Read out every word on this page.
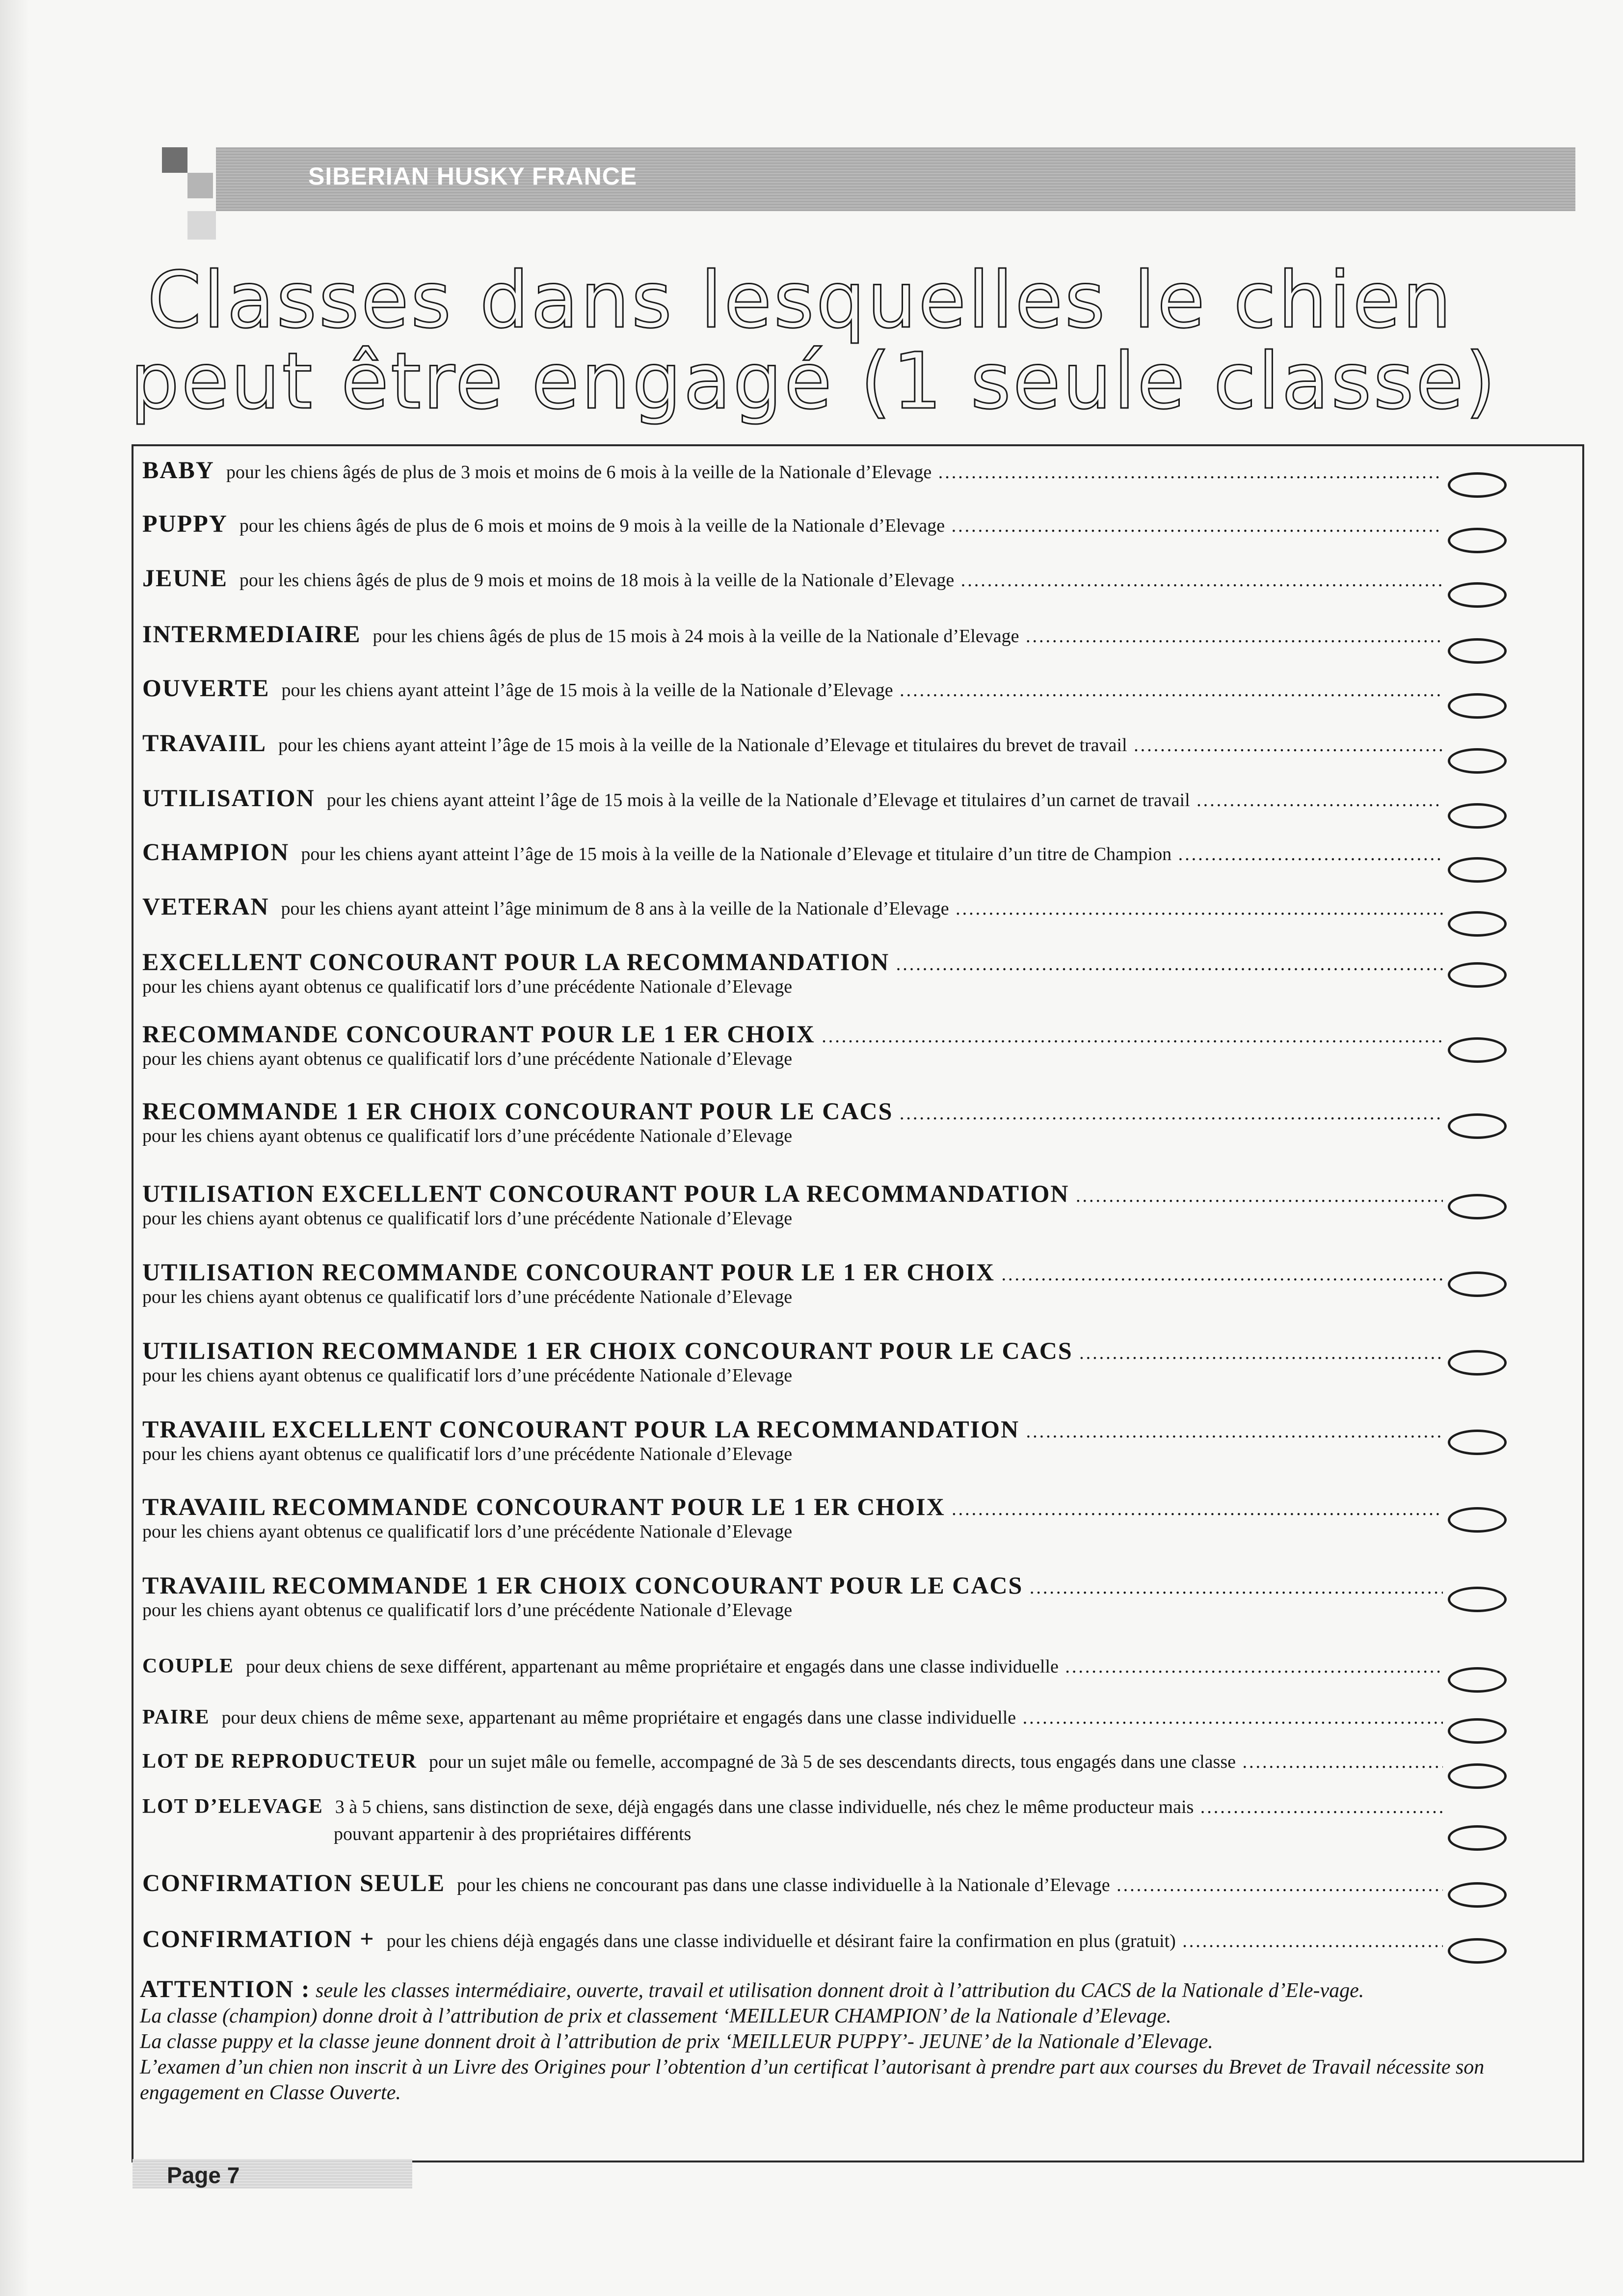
SIBERIAN HUSKY FRANCE
Classes dans lesquelles le chien
peut être engagé (1 seule classe)
BABY pour les chiens âgés de plus de 3 mois et moins de 6 mois à la veille de la Nationale d’Elevage .....
PUPPY pour les chiens âgés de plus de 6 mois et moins de 9 mois à la veille de la Nationale d’Elevage .....
JEUNE pour les chiens âgés de plus de 9 mois et moins de 18 mois à la veille de la Nationale d’Elevage .....
INTERMEDIAIRE pour les chiens âgés de plus de 15 mois à 24 mois à la veille de la Nationale d’Elevage .....
OUVERTE pour les chiens ayant atteint l’âge de 15 mois à la veille de la Nationale d’Elevage .....
TRAVAIIL pour les chiens ayant atteint l’âge de 15 mois à la veille de la Nationale d’Elevage et titulaires du brevet de travail .....
UTILISATION pour les chiens ayant atteint l’âge de 15 mois à la veille de la Nationale d’Elevage et titulaires d’un carnet de travail .....
CHAMPION pour les chiens ayant atteint l’âge de 15 mois à la veille de la Nationale d’Elevage et titulaire d’un titre de Champion .....
VETERAN pour les chiens ayant atteint l’âge minimum de 8 ans à la veille de la Nationale d’Elevage .....
EXCELLENT CONCOURANT POUR LA RECOMMANDATION .....
pour les chiens ayant obtenus ce qualificatif lors d’une précédente Nationale d’Elevage
RECOMMANDE CONCOURANT POUR LE 1 ER CHOIX .....
pour les chiens ayant obtenus ce qualificatif lors d’une précédente Nationale d’Elevage
RECOMMANDE 1 ER CHOIX CONCOURANT POUR LE CACS .....
pour les chiens ayant obtenus ce qualificatif lors d’une précédente Nationale d’Elevage
UTILISATION EXCELLENT CONCOURANT POUR LA RECOMMANDATION .....
pour les chiens ayant obtenus ce qualificatif lors d’une précédente Nationale d’Elevage
UTILISATION RECOMMANDE CONCOURANT POUR LE 1 ER CHOIX .....
pour les chiens ayant obtenus ce qualificatif lors d’une précédente Nationale d’Elevage
UTILISATION RECOMMANDE 1 ER CHOIX CONCOURANT POUR LE CACS .....
pour les chiens ayant obtenus ce qualificatif lors d’une précédente Nationale d’Elevage
TRAVAIIL EXCELLENT CONCOURANT POUR LA RECOMMANDATION .....
pour les chiens ayant obtenus ce qualificatif lors d’une précédente Nationale d’Elevage
TRAVAIIL RECOMMANDE CONCOURANT POUR LE 1 ER CHOIX .....
pour les chiens ayant obtenus ce qualificatif lors d’une précédente Nationale d’Elevage
TRAVAIIL RECOMMANDE 1 ER CHOIX CONCOURANT POUR LE CACS .....
pour les chiens ayant obtenus ce qualificatif lors d’une précédente Nationale d’Elevage
COUPLE pour deux chiens de sexe différent, appartenant au même propriétaire et engagés dans une classe individuelle .....
PAIRE pour deux chiens de même sexe, appartenant au même propriétaire et engagés dans une classe individuelle .....
LOT DE REPRODUCTEUR pour un sujet mâle ou femelle, accompagné de 3à 5 de ses descendants directs, tous engagés dans une classe .....
LOT D’ELEVAGE 3 à 5 chiens, sans distinction de sexe, déjà engagés dans une classe individuelle, nés chez le même producteur mais .....
pouvant appartenir à des propriétaires différents
CONFIRMATION SEULE pour les chiens ne concourant pas dans une classe individuelle à la Nationale d’Elevage .....
CONFIRMATION + pour les chiens déjà engagés dans une classe individuelle et désirant faire la confirmation en plus (gratuit) .....
ATTENTION : seule les classes intermédiaire, ouverte, travail et utilisation donnent droit à l’attribution du CACS de la Nationale d’Ele-vage.
La classe (champion) donne droit à l’attribution de prix et classement ‘MEILLEUR CHAMPION’ de la Nationale d’Elevage.
La classe puppy et la classe jeune donnent droit à l’attribution de prix ‘MEILLEUR PUPPY’- JEUNE’ de la Nationale d’Elevage.
L’examen d’un chien non inscrit à un Livre des Origines pour l’obtention d’un certificat l’autorisant à prendre part aux courses du Brevet de Travail nécessite son engagement en Classe Ouverte.
Page 7
